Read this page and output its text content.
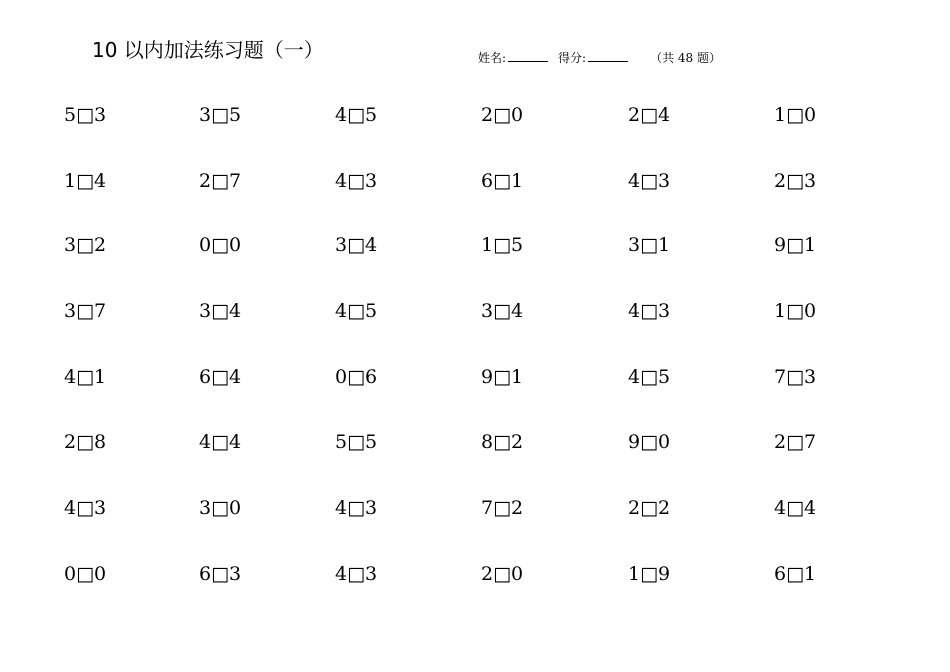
10 以内加法练习题（一）	姓名:	得分:	（共 48 题）
5□3	3□5	4□5	2□0	2□4	1□0
1□4	2□7	4□3	6□1	4□3	2□3
3□2	0□0	3□4	1□5	3□1	9□1
3□7	3□4	4□5	3□4	4□3	1□0
4□1	6□4	0□6	9□1	4□5	7□3
2□8	4□4	5□5	8□2	9□0	2□7
4□3	3□0	4□3	7□2	2□2	4□4
0□0	6□3	4□3	2□0	1□9	6□1
